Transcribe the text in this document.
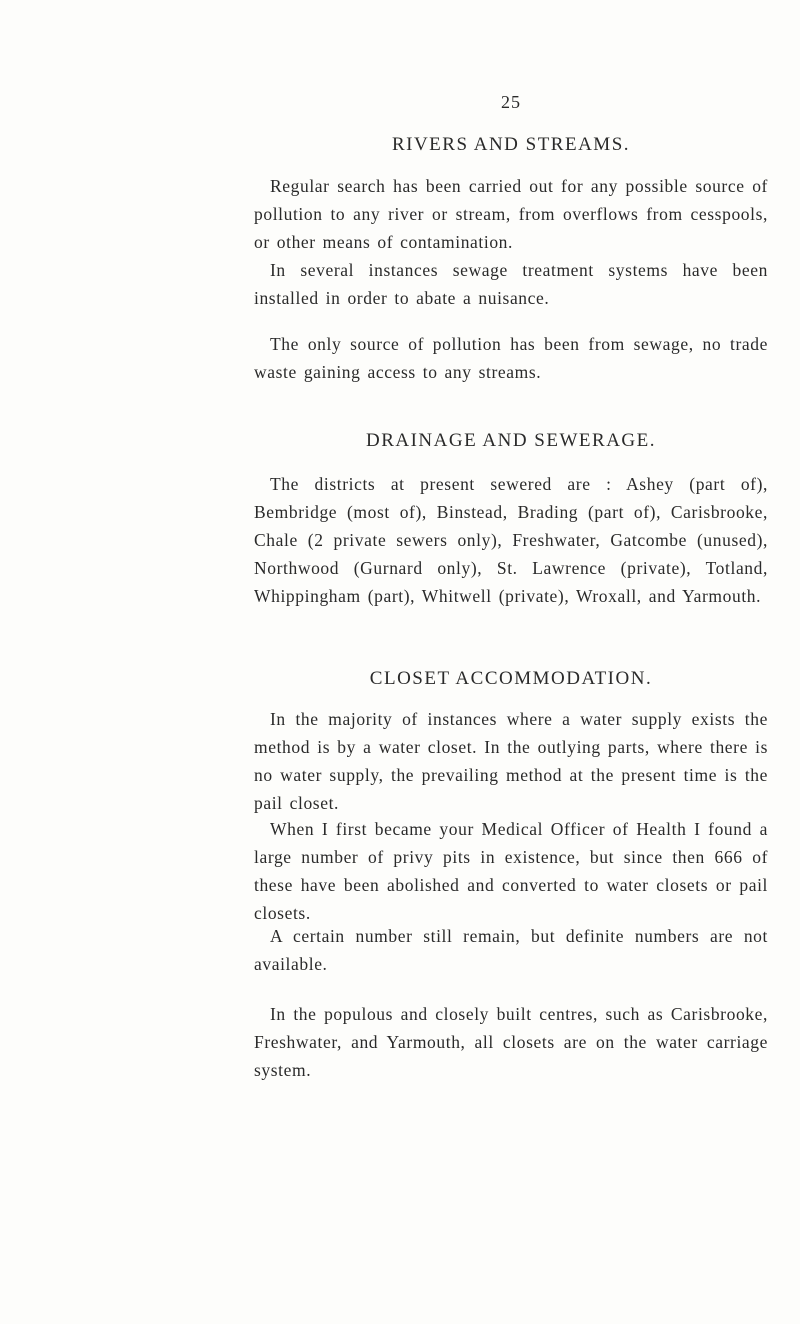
25
RIVERS AND STREAMS.

Regular search has been carried out for any possible source of pollution to any river or stream, from overflows from cesspools, or other means of contamination.

In several instances sewage treatment systems have been installed in order to abate a nuisance.

The only source of pollution has been from sewage, no trade waste gaining access to any streams.

DRAINAGE AND SEWERAGE.

The districts at present sewered are : Ashey (part of), Bembridge (most of), Binstead, Brading (part of), Carisbrooke, Chale (2 private sewers only), Freshwater, Gatcombe (unused), Northwood (Gurnard only), St. Lawrence (private), Totland, Whippingham (part), Whitwell (private), Wroxall, and Yarmouth.

CLOSET ACCOMMODATION.

In the majority of instances where a water supply exists the method is by a water closet. In the outlying parts, where there is no water supply, the prevailing method at the present time is the pail closet.

When I first became your Medical Officer of Health I found a large number of privy pits in existence, but since then 666 of these have been abolished and converted to water closets or pail closets.

A certain number still remain, but definite numbers are not available.

In the populous and closely built centres, such as Carisbrooke, Freshwater, and Yarmouth, all closets are on the water carriage system.
